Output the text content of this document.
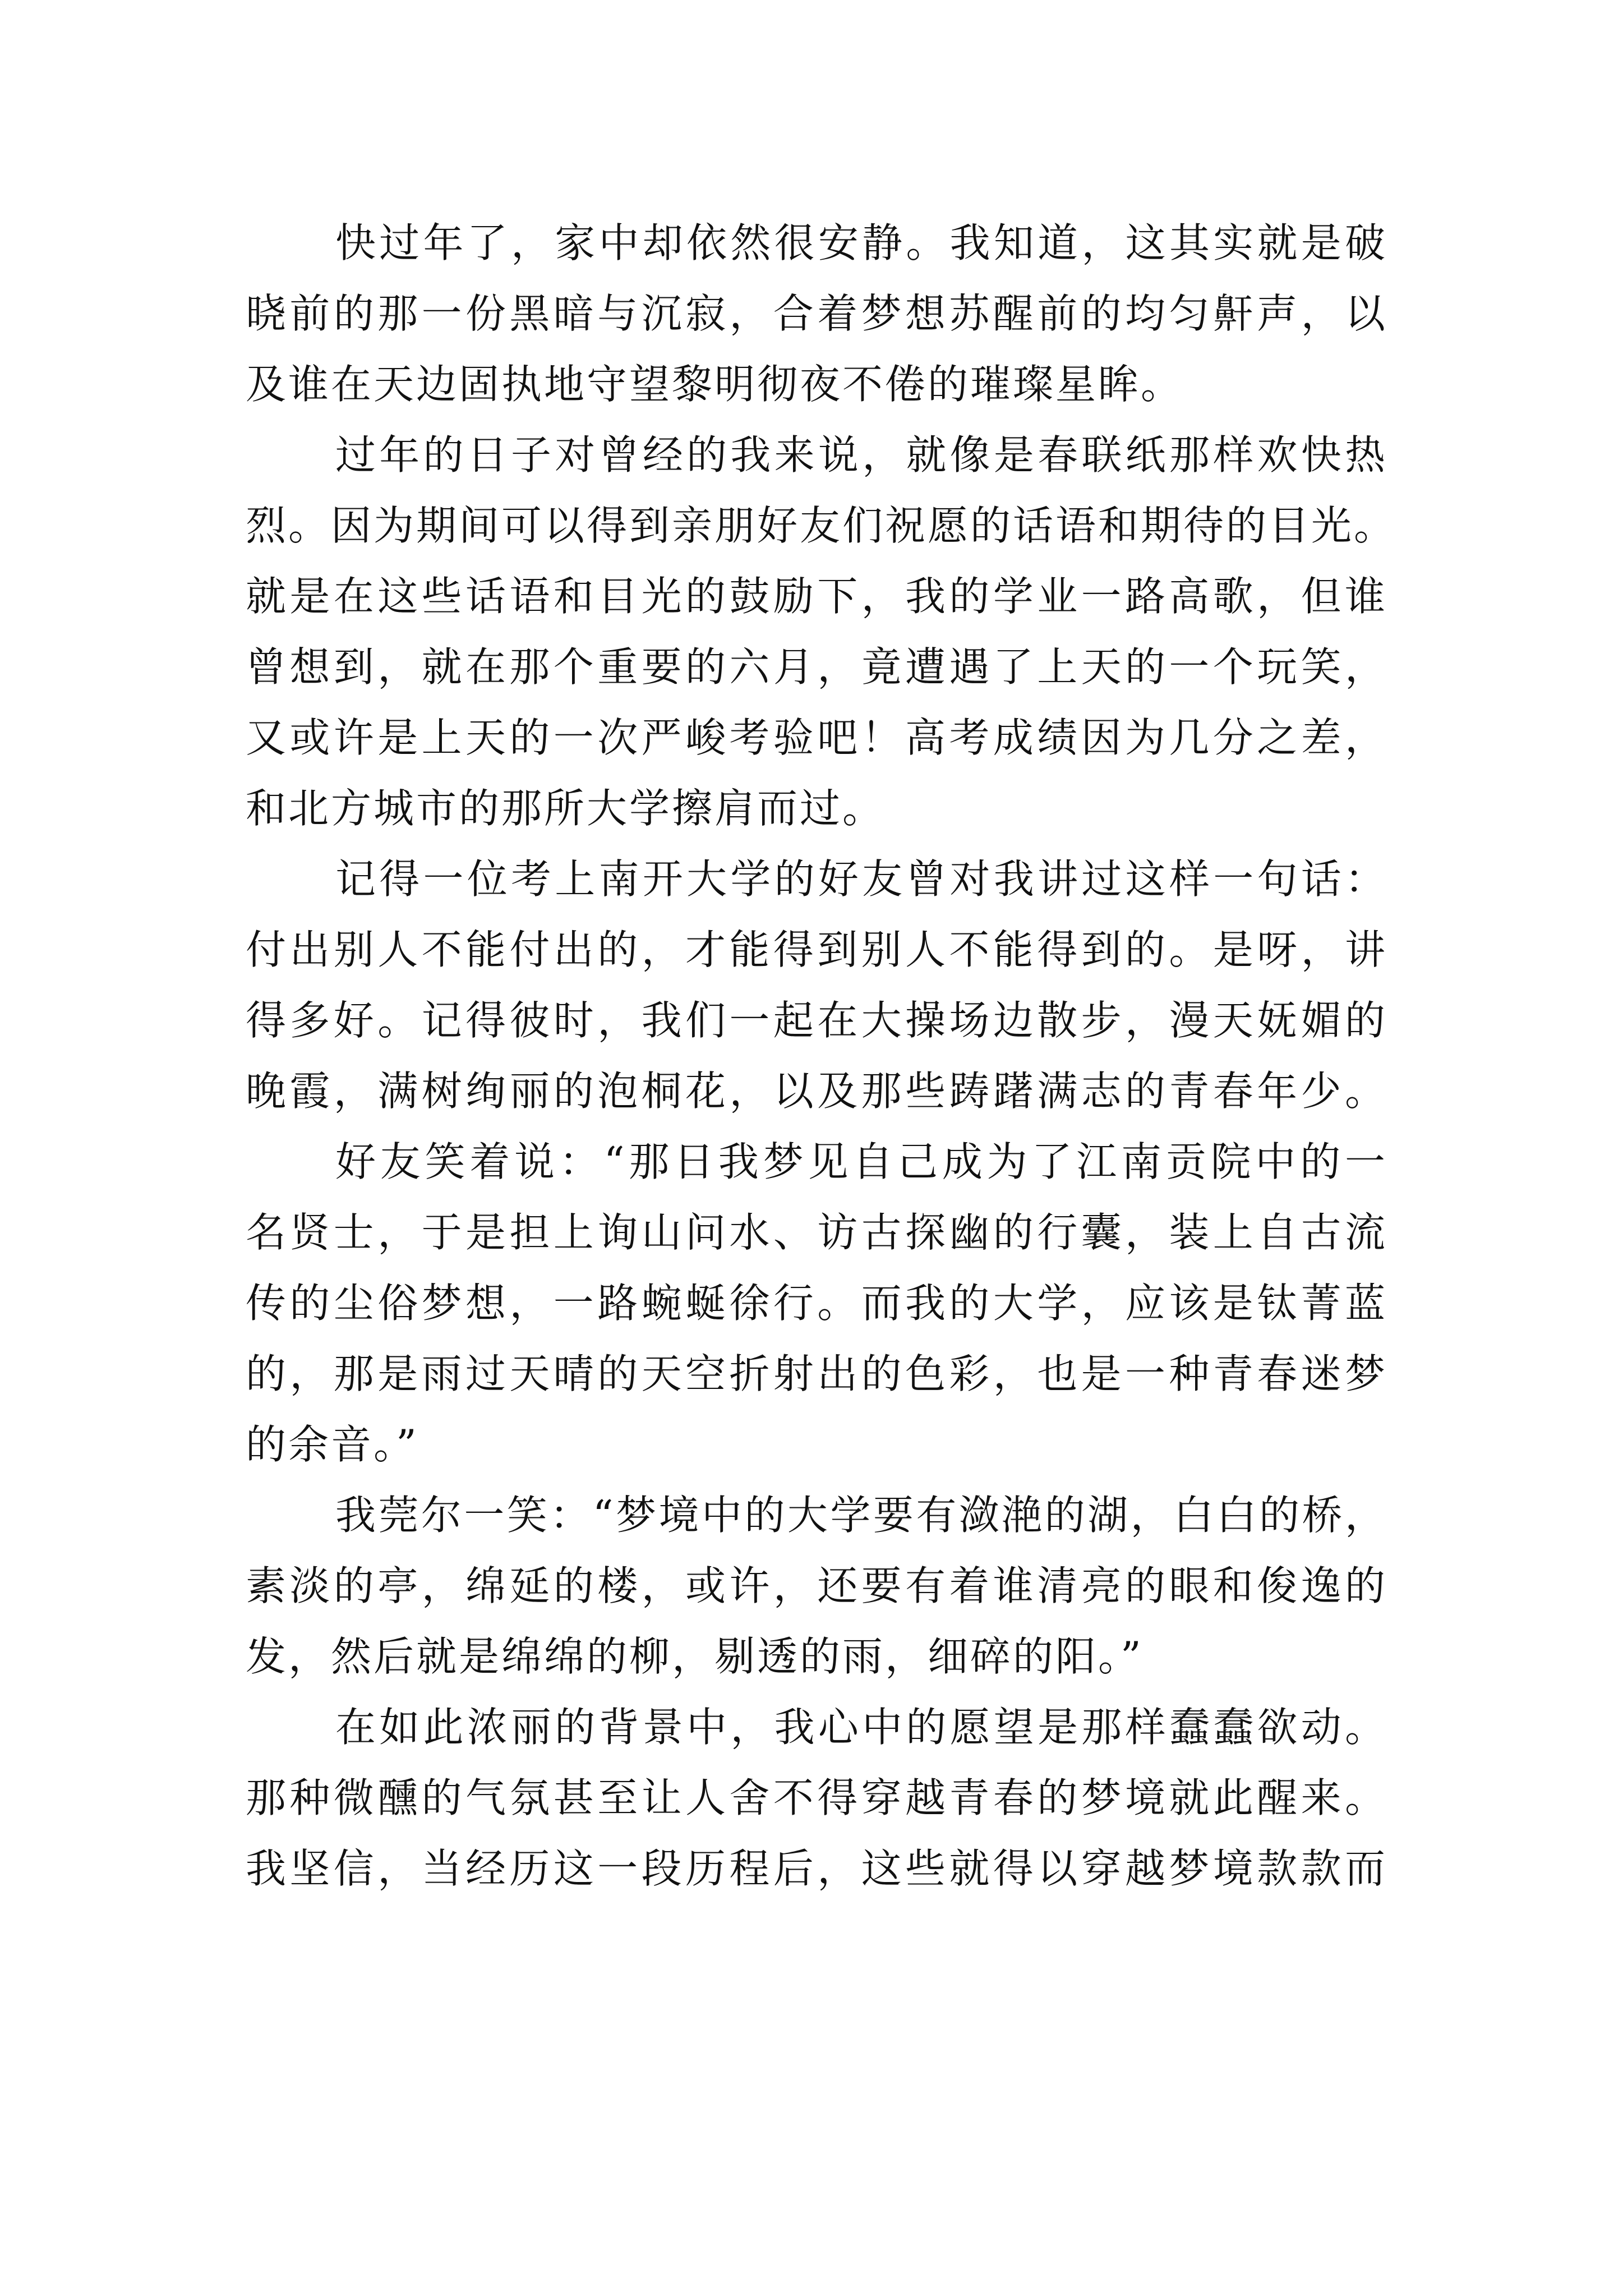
快过年了，家中却依然很安静。我知道，这其实就是破
晓前的那一份黑暗与沉寂，合着梦想苏醒前的均匀鼾声，以
及谁在天边固执地守望黎明彻夜不倦的璀璨星眸。
过年的日子对曾经的我来说，就像是春联纸那样欢快热
烈。因为期间可以得到亲朋好友们祝愿的话语和期待的目光。
就是在这些话语和目光的鼓励下，我的学业一路高歌，但谁
曾想到，就在那个重要的六月，竟遭遇了上天的一个玩笑，
又或许是上天的一次严峻考验吧！高考成绩因为几分之差，
和北方城市的那所大学擦肩而过。
记得一位考上南开大学的好友曾对我讲过这样一句话：
付出别人不能付出的，才能得到别人不能得到的。是呀，讲
得多好。记得彼时，我们一起在大操场边散步，漫天妩媚的
晚霞，满树绚丽的泡桐花，以及那些踌躇满志的青春年少。
好友笑着说：“那日我梦见自己成为了江南贡院中的一
名贤士，于是担上询山问水、访古探幽的行囊，装上自古流
传的尘俗梦想，一路蜿蜒徐行。而我的大学，应该是钛菁蓝
的，那是雨过天晴的天空折射出的色彩，也是一种青春迷梦
的余音。”
我莞尔一笑：“梦境中的大学要有潋滟的湖，白白的桥，
素淡的亭，绵延的楼，或许，还要有着谁清亮的眼和俊逸的
发，然后就是绵绵的柳，剔透的雨，细碎的阳。”
在如此浓丽的背景中，我心中的愿望是那样蠢蠢欲动。
那种微醺的气氛甚至让人舍不得穿越青春的梦境就此醒来。
我坚信，当经历这一段历程后，这些就得以穿越梦境款款而
